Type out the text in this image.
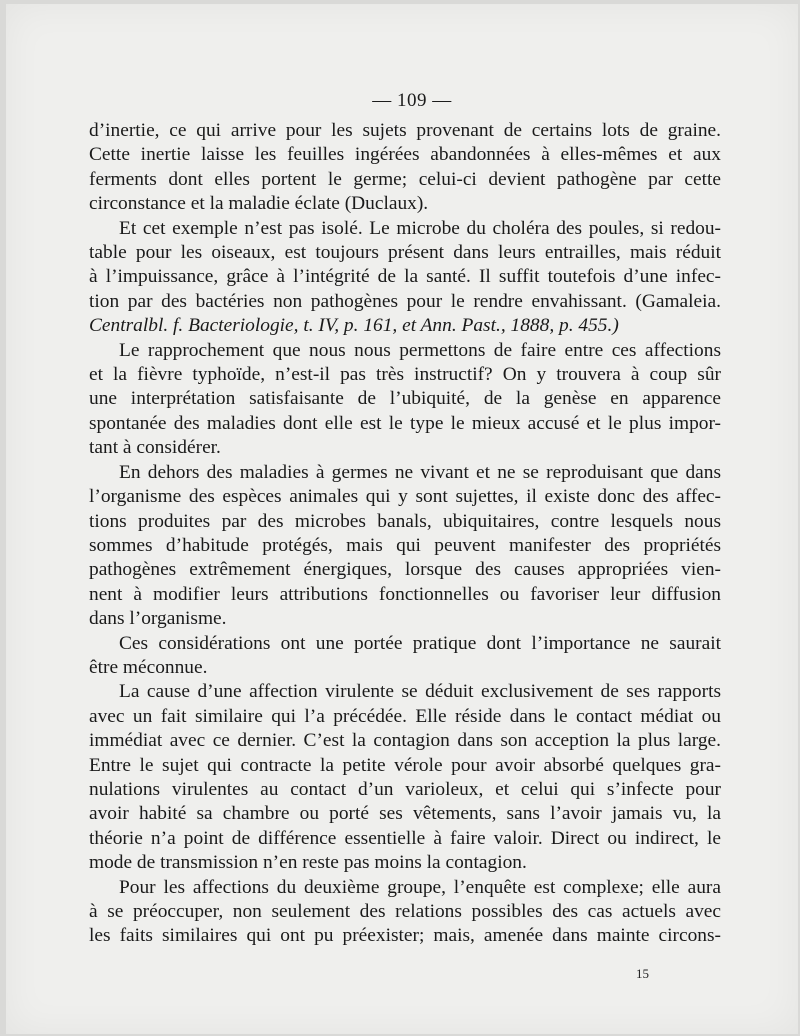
— 109 —

d’inertie, ce qui arrive pour les sujets provenant de certains lots de graine.
Cette inertie laisse les feuilles ingérées abandonnées à elles-mêmes et aux
ferments dont elles portent le germe; celui-ci devient pathogène par cette
circonstance et la maladie éclate (Duclaux).

Et cet exemple n’est pas isolé. Le microbe du choléra des poules, si redou-
table pour les oiseaux, est toujours présent dans leurs entrailles, mais réduit
à l’impuissance, grâce à l’intégrité de la santé. Il suffit toutefois d’une infec-
tion par des bactéries non pathogènes pour le rendre envahissant. (Gamaleia.
Centralbl. f. Bacteriologie, t. IV, p. 161, et Ann. Past., 1888, p. 455.)

Le rapprochement que nous nous permettons de faire entre ces affections
et la fièvre typhoïde, n’est-il pas très instructif? On y trouvera à coup sûr
une interprétation satisfaisante de l’ubiquité, de la genèse en apparence
spontanée des maladies dont elle est le type le mieux accusé et le plus impor-
tant à considérer.

En dehors des maladies à germes ne vivant et ne se reproduisant que dans
l’organisme des espèces animales qui y sont sujettes, il existe donc des affec-
tions produites par des microbes banals, ubiquitaires, contre lesquels nous
sommes d’habitude protégés, mais qui peuvent manifester des propriétés
pathogènes extrêmement énergiques, lorsque des causes appropriées vien-
nent à modifier leurs attributions fonctionnelles ou favoriser leur diffusion
dans l’organisme.

Ces considérations ont une portée pratique dont l’importance ne saurait
être méconnue.

La cause d’une affection virulente se déduit exclusivement de ses rapports
avec un fait similaire qui l’a précédée. Elle réside dans le contact médiat ou
immédiat avec ce dernier. C’est la contagion dans son acception la plus large.
Entre le sujet qui contracte la petite vérole pour avoir absorbé quelques gra-
nulations virulentes au contact d’un varioleux, et celui qui s’infecte pour
avoir habité sa chambre ou porté ses vêtements, sans l’avoir jamais vu, la
théorie n’a point de différence essentielle à faire valoir. Direct ou indirect, le
mode de transmission n’en reste pas moins la contagion.

Pour les affections du deuxième groupe, l’enquête est complexe; elle aura
à se préoccuper, non seulement des relations possibles des cas actuels avec
les faits similaires qui ont pu préexister; mais, amenée dans mainte circons-

15
